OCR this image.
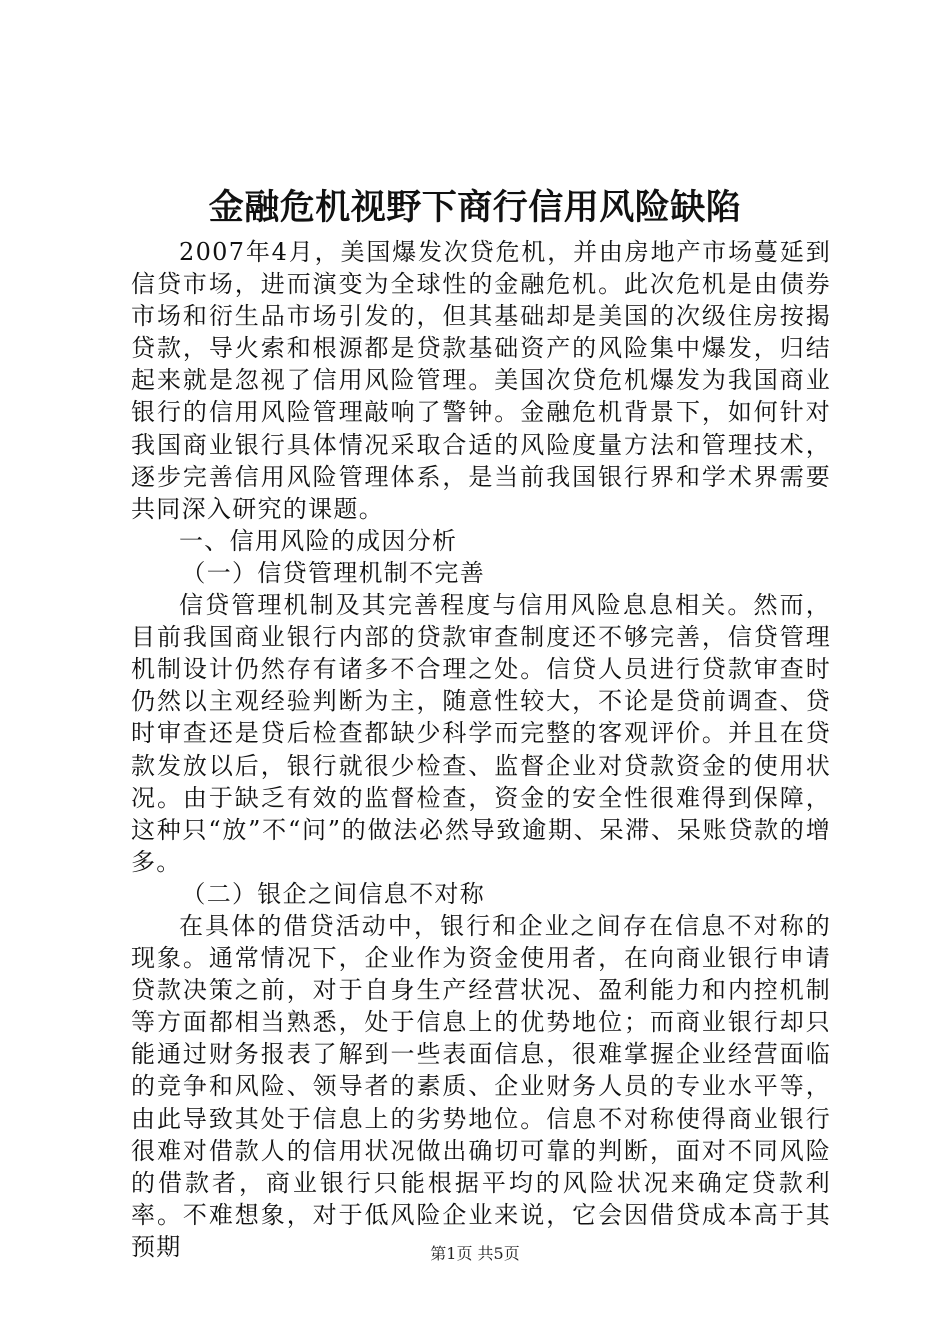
金融危机视野下商行信用风险缺陷

2007年4月，美国爆发次贷危机，并由房地产市场蔓延到信贷市场，进而演变为全球性的金融危机。此次危机是由债券市场和衍生品市场引发的，但其基础却是美国的次级住房按揭贷款，导火索和根源都是贷款基础资产的风险集中爆发，归结起来就是忽视了信用风险管理。美国次贷危机爆发为我国商业银行的信用风险管理敲响了警钟。金融危机背景下，如何针对我国商业银行具体情况采取合适的风险度量方法和管理技术，逐步完善信用风险管理体系，是当前我国银行界和学术界需要共同深入研究的课题。

一、信用风险的成因分析

（一）信贷管理机制不完善

信贷管理机制及其完善程度与信用风险息息相关。然而，目前我国商业银行内部的贷款审查制度还不够完善，信贷管理机制设计仍然存有诸多不合理之处。信贷人员进行贷款审查时仍然以主观经验判断为主，随意性较大，不论是贷前调查、贷时审查还是贷后检查都缺少科学而完整的客观评价。并且在贷款发放以后，银行就很少检查、监督企业对贷款资金的使用状况。由于缺乏有效的监督检查，资金的安全性很难得到保障，这种只“放”不“问”的做法必然导致逾期、呆滞、呆账贷款的增多。

（二）银企之间信息不对称

在具体的借贷活动中，银行和企业之间存在信息不对称的现象。通常情况下，企业作为资金使用者，在向商业银行申请贷款决策之前，对于自身生产经营状况、盈利能力和内控机制等方面都相当熟悉，处于信息上的优势地位；而商业银行却只能通过财务报表了解到一些表面信息，很难掌握企业经营面临的竞争和风险、领导者的素质、企业财务人员的专业水平等，由此导致其处于信息上的劣势地位。信息不对称使得商业银行很难对借款人的信用状况做出确切可靠的判断，面对不同风险的借款者，商业银行只能根据平均的风险状况来确定贷款利率。不难想象，对于低风险企业来说，它会因借贷成本高于其预期	第1页 共5页
